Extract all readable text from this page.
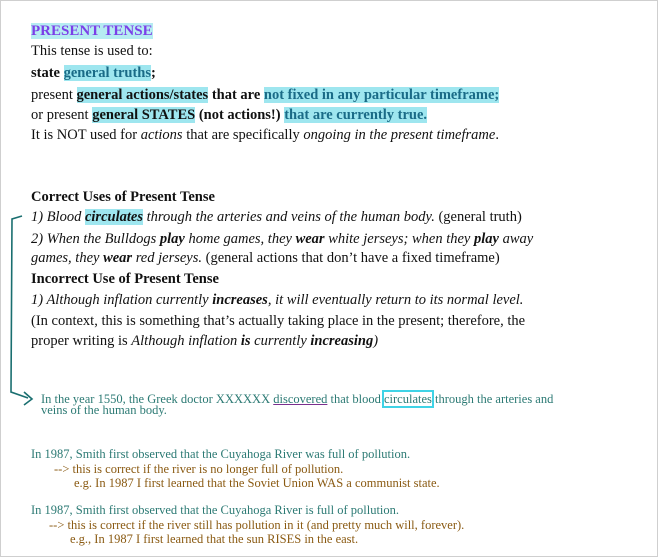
PRESENT TENSE
This tense is used to:
state general truths;
present general actions/states that are not fixed in any particular timeframe;
or present general STATES (not actions!) that are currently true.
It is NOT used for actions that are specifically ongoing in the present timeframe.
Correct Uses of Present Tense
1) Blood circulates through the arteries and veins of the human body. (general truth)
2) When the Bulldogs play home games, they wear white jerseys; when they play away
games, they wear red jerseys. (general actions that don’t have a fixed timeframe)
Incorrect Use of Present Tense
1) Although inflation currently increases, it will eventually return to its normal level.
(In context, this is something that’s actually taking place in the present; therefore, the
proper writing is Although inflation is currently increasing)
In the year 1550, the Greek doctor XXXXXX discovered that blood circulates through the arteries and
veins of the human body.
In 1987, Smith first observed that the Cuyahoga River was full of pollution.
--> this is correct if the river is no longer full of pollution.
e.g. In 1987 I first learned that the Soviet Union WAS a communist state.
In 1987, Smith first observed that the Cuyahoga River is full of pollution.
--> this is correct if the river still has pollution in it (and pretty much will, forever).
e.g., In 1987 I first learned that the sun RISES in the east.
